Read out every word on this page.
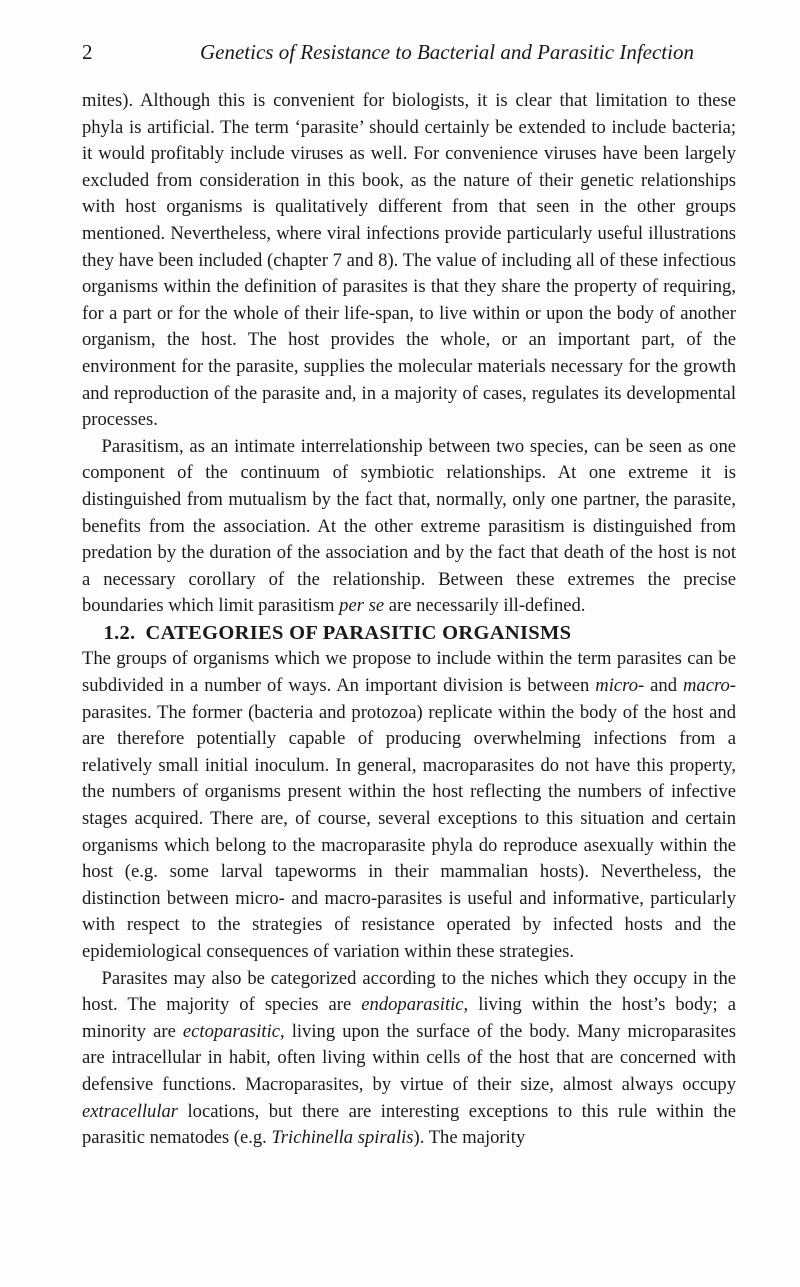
2	Genetics of Resistance to Bacterial and Parasitic Infection

mites). Although this is convenient for biologists, it is clear that limitation to these phyla is artificial. The term ‘parasite’ should certainly be extended to include bacteria; it would profitably include viruses as well. For convenience viruses have been largely excluded from consideration in this book, as the nature of their genetic relationships with host organisms is qualitatively different from that seen in the other groups mentioned. Nevertheless, where viral infections provide particularly useful illustrations they have been included (chapter 7 and 8). The value of including all of these infectious organisms within the definition of parasites is that they share the property of requiring, for a part or for the whole of their life-span, to live within or upon the body of another organism, the host. The host provides the whole, or an important part, of the environment for the parasite, supplies the molecular materials necessary for the growth and reproduction of the parasite and, in a majority of cases, regulates its developmental processes.

Parasitism, as an intimate interrelationship between two species, can be seen as one component of the continuum of symbiotic relationships. At one extreme it is distinguished from mutualism by the fact that, normally, only one partner, the parasite, benefits from the association. At the other extreme parasitism is distinguished from predation by the duration of the association and by the fact that death of the host is not a necessary corollary of the relationship. Between these extremes the precise boundaries which limit parasitism per se are necessarily ill-defined.

1.2. CATEGORIES OF PARASITIC ORGANISMS

The groups of organisms which we propose to include within the term parasites can be subdivided in a number of ways. An important division is between micro- and macro-parasites. The former (bacteria and protozoa) replicate within the body of the host and are therefore potentially capable of producing overwhelming infections from a relatively small initial inoculum. In general, macroparasites do not have this property, the numbers of organisms present within the host reflecting the numbers of infective stages acquired. There are, of course, several exceptions to this situation and certain organisms which belong to the macroparasite phyla do reproduce asexually within the host (e.g. some larval tapeworms in their mammalian hosts). Nevertheless, the distinction between micro- and macro-parasites is useful and informative, particularly with respect to the strategies of resistance operated by infected hosts and the epidemiological consequences of variation within these strategies.

Parasites may also be categorized according to the niches which they occupy in the host. The majority of species are endoparasitic, living within the host’s body; a minority are ectoparasitic, living upon the surface of the body. Many microparasites are intracellular in habit, often living within cells of the host that are concerned with defensive functions. Macroparasites, by virtue of their size, almost always occupy extracellular locations, but there are interesting exceptions to this rule within the parasitic nematodes (e.g. Trichinella spiralis). The majority
